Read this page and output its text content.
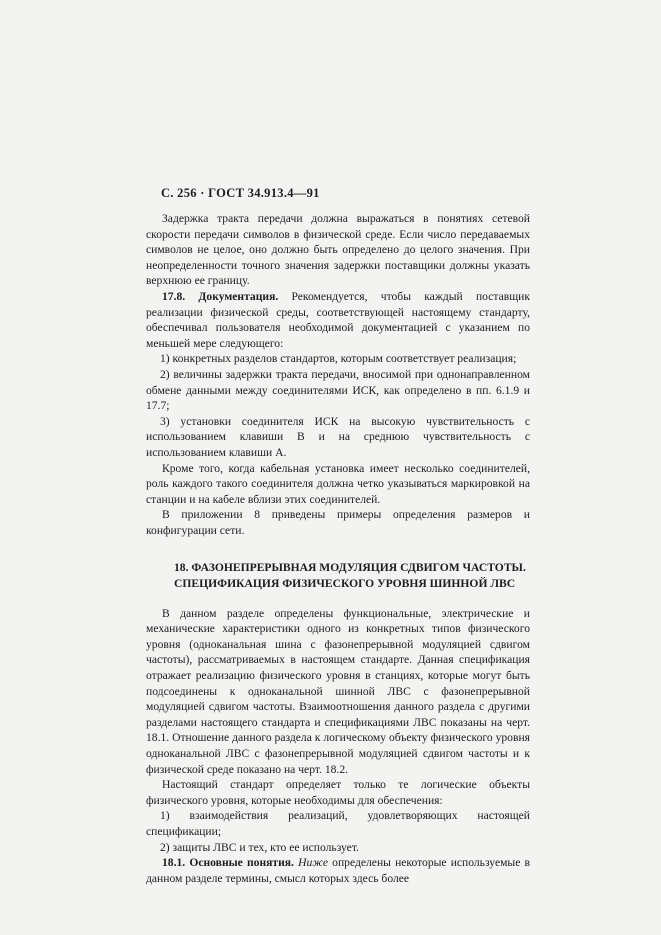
С. 256 · ГОСТ 34.913.4—91

Задержка тракта передачи должна выражаться в понятиях сетевой скорости передачи символов в физической среде. Если число передаваемых символов не целое, оно должно быть определено до целого значения. При неопределенности точного значения задержки поставщики должны указать верхнюю ее границу.

17.8. Документация. Рекомендуется, чтобы каждый поставщик реализации физической среды, соответствующей настоящему стандарту, обеспечивал пользователя необходимой документацией с указанием по меньшей мере следующего:

1) конкретных разделов стандартов, которым соответствует реализация;

2) величины задержки тракта передачи, вносимой при однонаправленном обмене данными между соединителями ИСК, как определено в пп. 6.1.9 и 17.7;

3) установки соединителя ИСК на высокую чувствительность с использованием клавиши В и на среднюю чувствительность с использованием клавиши А.

Кроме того, когда кабельная установка имеет несколько соединителей, роль каждого такого соединителя должна четко указываться маркировкой на станции и на кабеле вблизи этих соединителей.

В приложении 8 приведены примеры определения размеров и конфигурации сети.

18. ФАЗОНЕПРЕРЫВНАЯ МОДУЛЯЦИЯ СДВИГОМ ЧАСТОТЫ.
СПЕЦИФИКАЦИЯ ФИЗИЧЕСКОГО УРОВНЯ ШИННОЙ ЛВС

В данном разделе определены функциональные, электрические и механические характеристики одного из конкретных типов физического уровня (одноканальная шина с фазонепрерывной модуляцией сдвигом частоты), рассматриваемых в настоящем стандарте. Данная спецификация отражает реализацию физического уровня в станциях, которые могут быть подсоединены к одноканальной шинной ЛВС с фазонепрерывной модуляцией сдвигом частоты. Взаимоотношения данного раздела с другими разделами настоящего стандарта и спецификациями ЛВС показаны на черт. 18.1. Отношение данного раздела к логическому объекту физического уровня одноканальной ЛВС с фазонепрерывной модуляцией сдвигом частоты и к физической среде показано на черт. 18.2.

Настоящий стандарт определяет только те логические объекты физического уровня, которые необходимы для обеспечения:

1) взаимодействия реализаций, удовлетворяющих настоящей спецификации;

2) защиты ЛВС и тех, кто ее использует.

18.1. Основные понятия. Ниже определены некоторые используемые в данном разделе термины, смысл которых здесь более
